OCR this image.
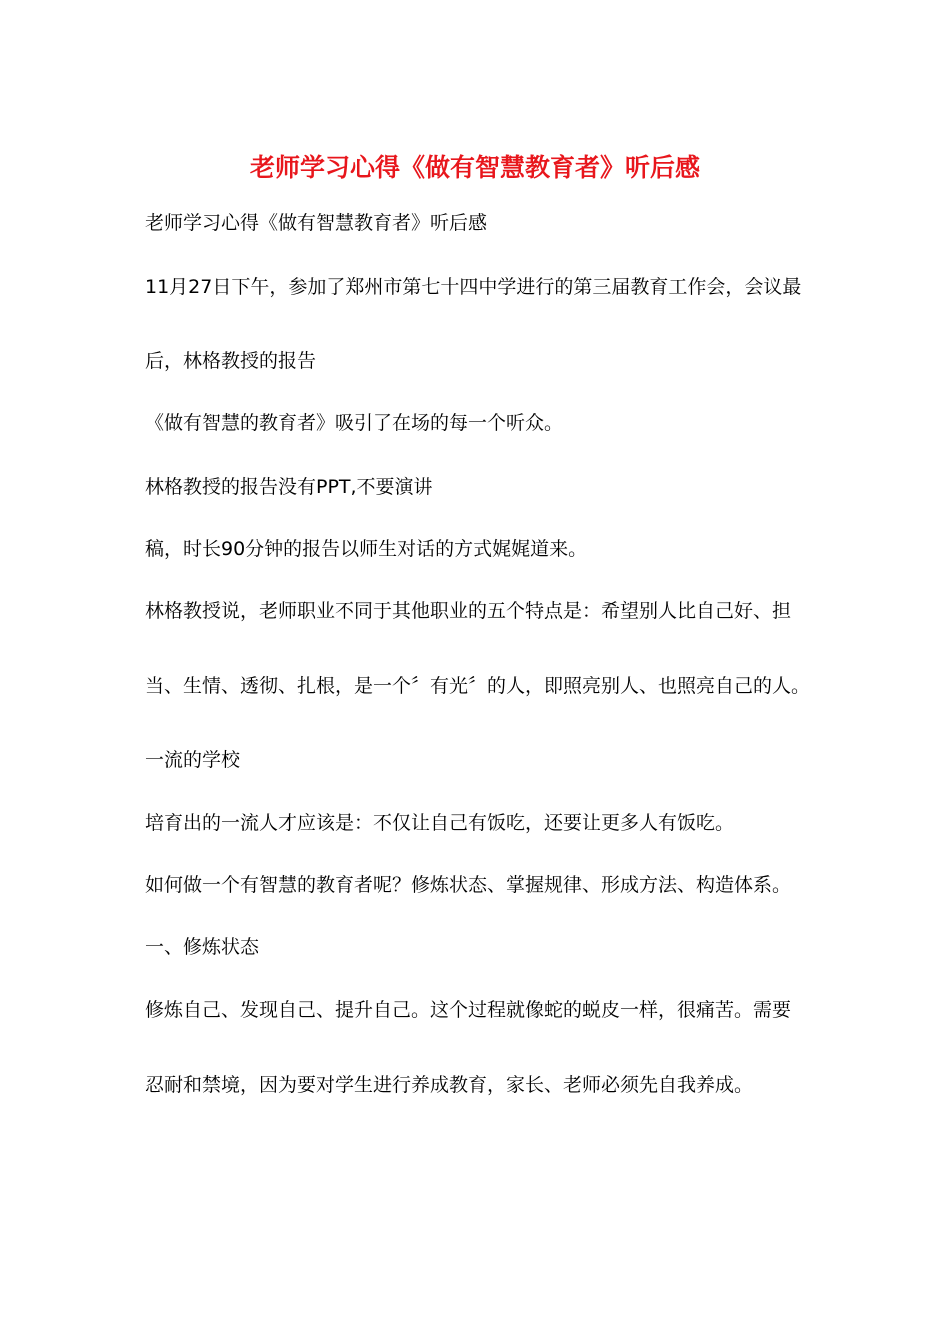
老师学习心得《做有智慧教育者》听后感

老师学习心得《做有智慧教育者》听后感

11月27日下午，参加了郑州市第七十四中学进行的第三届教育工作会，会议最

后，林格教授的报告

《做有智慧的教育者》吸引了在场的每一个听众。

林格教授的报告没有PPT,不要演讲

稿，时长90分钟的报告以师生对话的方式娓娓道来。

林格教授说，老师职业不同于其他职业的五个特点是：希望别人比自己好、担

当、生情、透彻、扎根，是一个〞有光〞的人，即照亮别人、也照亮自己的人。

一流的学校

培育出的一流人才应该是：不仅让自己有饭吃，还要让更多人有饭吃。

如何做一个有智慧的教育者呢？修炼状态、掌握规律、形成方法、构造体系。

一、修炼状态

修炼自己、发现自己、提升自己。这个过程就像蛇的蜕皮一样，很痛苦。需要

忍耐和禁境，因为要对学生进行养成教育，家长、老师必须先自我养成。
